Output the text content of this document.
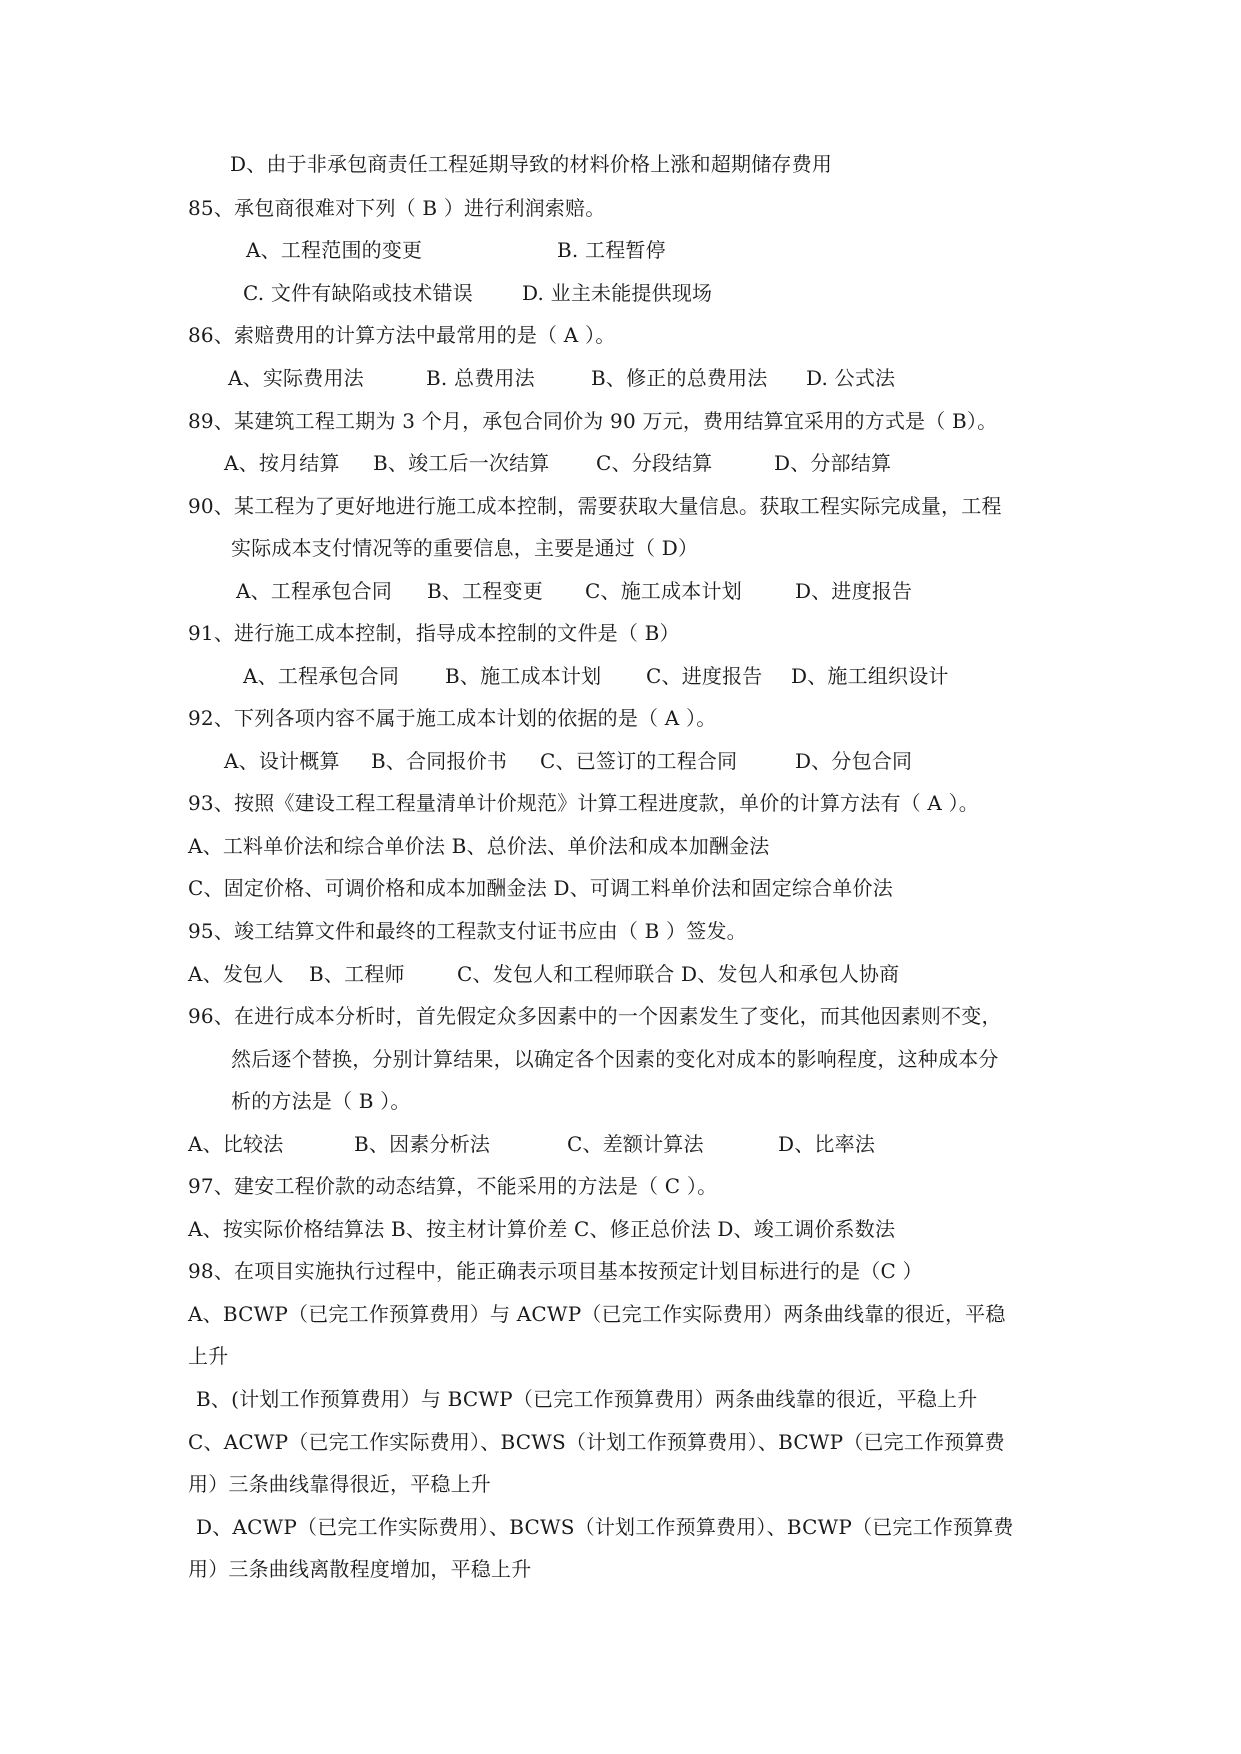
D、由于非承包商责任工程延期导致的材料价格上涨和超期储存费用
85、承包商很难对下列（ B ）进行利润索赔。
A、工程范围的变更	B. 工程暂停
C. 文件有缺陷或技术错误 D. 业主未能提供现场
86、索赔费用的计算方法中最常用的是（ A ）。
A、实际费用法	B. 总费用法	B、修正的总费用法 D. 公式法
89、某建筑工程工期为 3 个月，承包合同价为 90 万元，费用结算宜采用的方式是（ B）。
A、按月结算 B、竣工后一次结算 C、分段结算	D、分部结算
90、某工程为了更好地进行施工成本控制，需要获取大量信息。获取工程实际完成量，工程
实际成本支付情况等的重要信息，主要是通过（ D）
A、工程承包合同 B、工程变更 C、施工成本计划	D、进度报告
91、进行施工成本控制，指导成本控制的文件是（ B）
A、工程承包合同 B、施工成本计划 C、进度报告 D、施工组织设计
92、下列各项内容不属于施工成本计划的依据的是（ A ）。
A、设计概算 B、合同报价书 C、已签订的工程合同	D、分包合同
93、按照《建设工程工程量清单计价规范》计算工程进度款，单价的计算方法有（ A ）。
A、工料单价法和综合单价法 B、总价法、单价法和成本加酬金法
C、固定价格、可调价格和成本加酬金法 D、可调工料单价法和固定综合单价法
95、竣工结算文件和最终的工程款支付证书应由（ B ）签发。
A、发包人 B、工程师	C、发包人和工程师联合 D、发包人和承包人协商
96、在进行成本分析时，首先假定众多因素中的一个因素发生了变化，而其他因素则不变，
然后逐个替换，分别计算结果，以确定各个因素的变化对成本的影响程度，这种成本分
析的方法是（ B ）。
A、比较法	B、因素分析法	C、差额计算法	D、比率法
97、建安工程价款的动态结算，不能采用的方法是（ C ）。
A、按实际价格结算法 B、按主材计算价差 C、修正总价法 D、竣工调价系数法
98、在项目实施执行过程中，能正确表示项目基本按预定计划目标进行的是（C ）
A、BCWP（已完工作预算费用）与 ACWP（已完工作实际费用）两条曲线靠的很近，平稳
上升
B、(计划工作预算费用）与 BCWP（已完工作预算费用）两条曲线靠的很近，平稳上升
C、ACWP（已完工作实际费用）、BCWS（计划工作预算费用）、BCWP（已完工作预算费
用）三条曲线靠得很近，平稳上升
D、ACWP（已完工作实际费用）、BCWS（计划工作预算费用）、BCWP（已完工作预算费
用）三条曲线离散程度增加，平稳上升
